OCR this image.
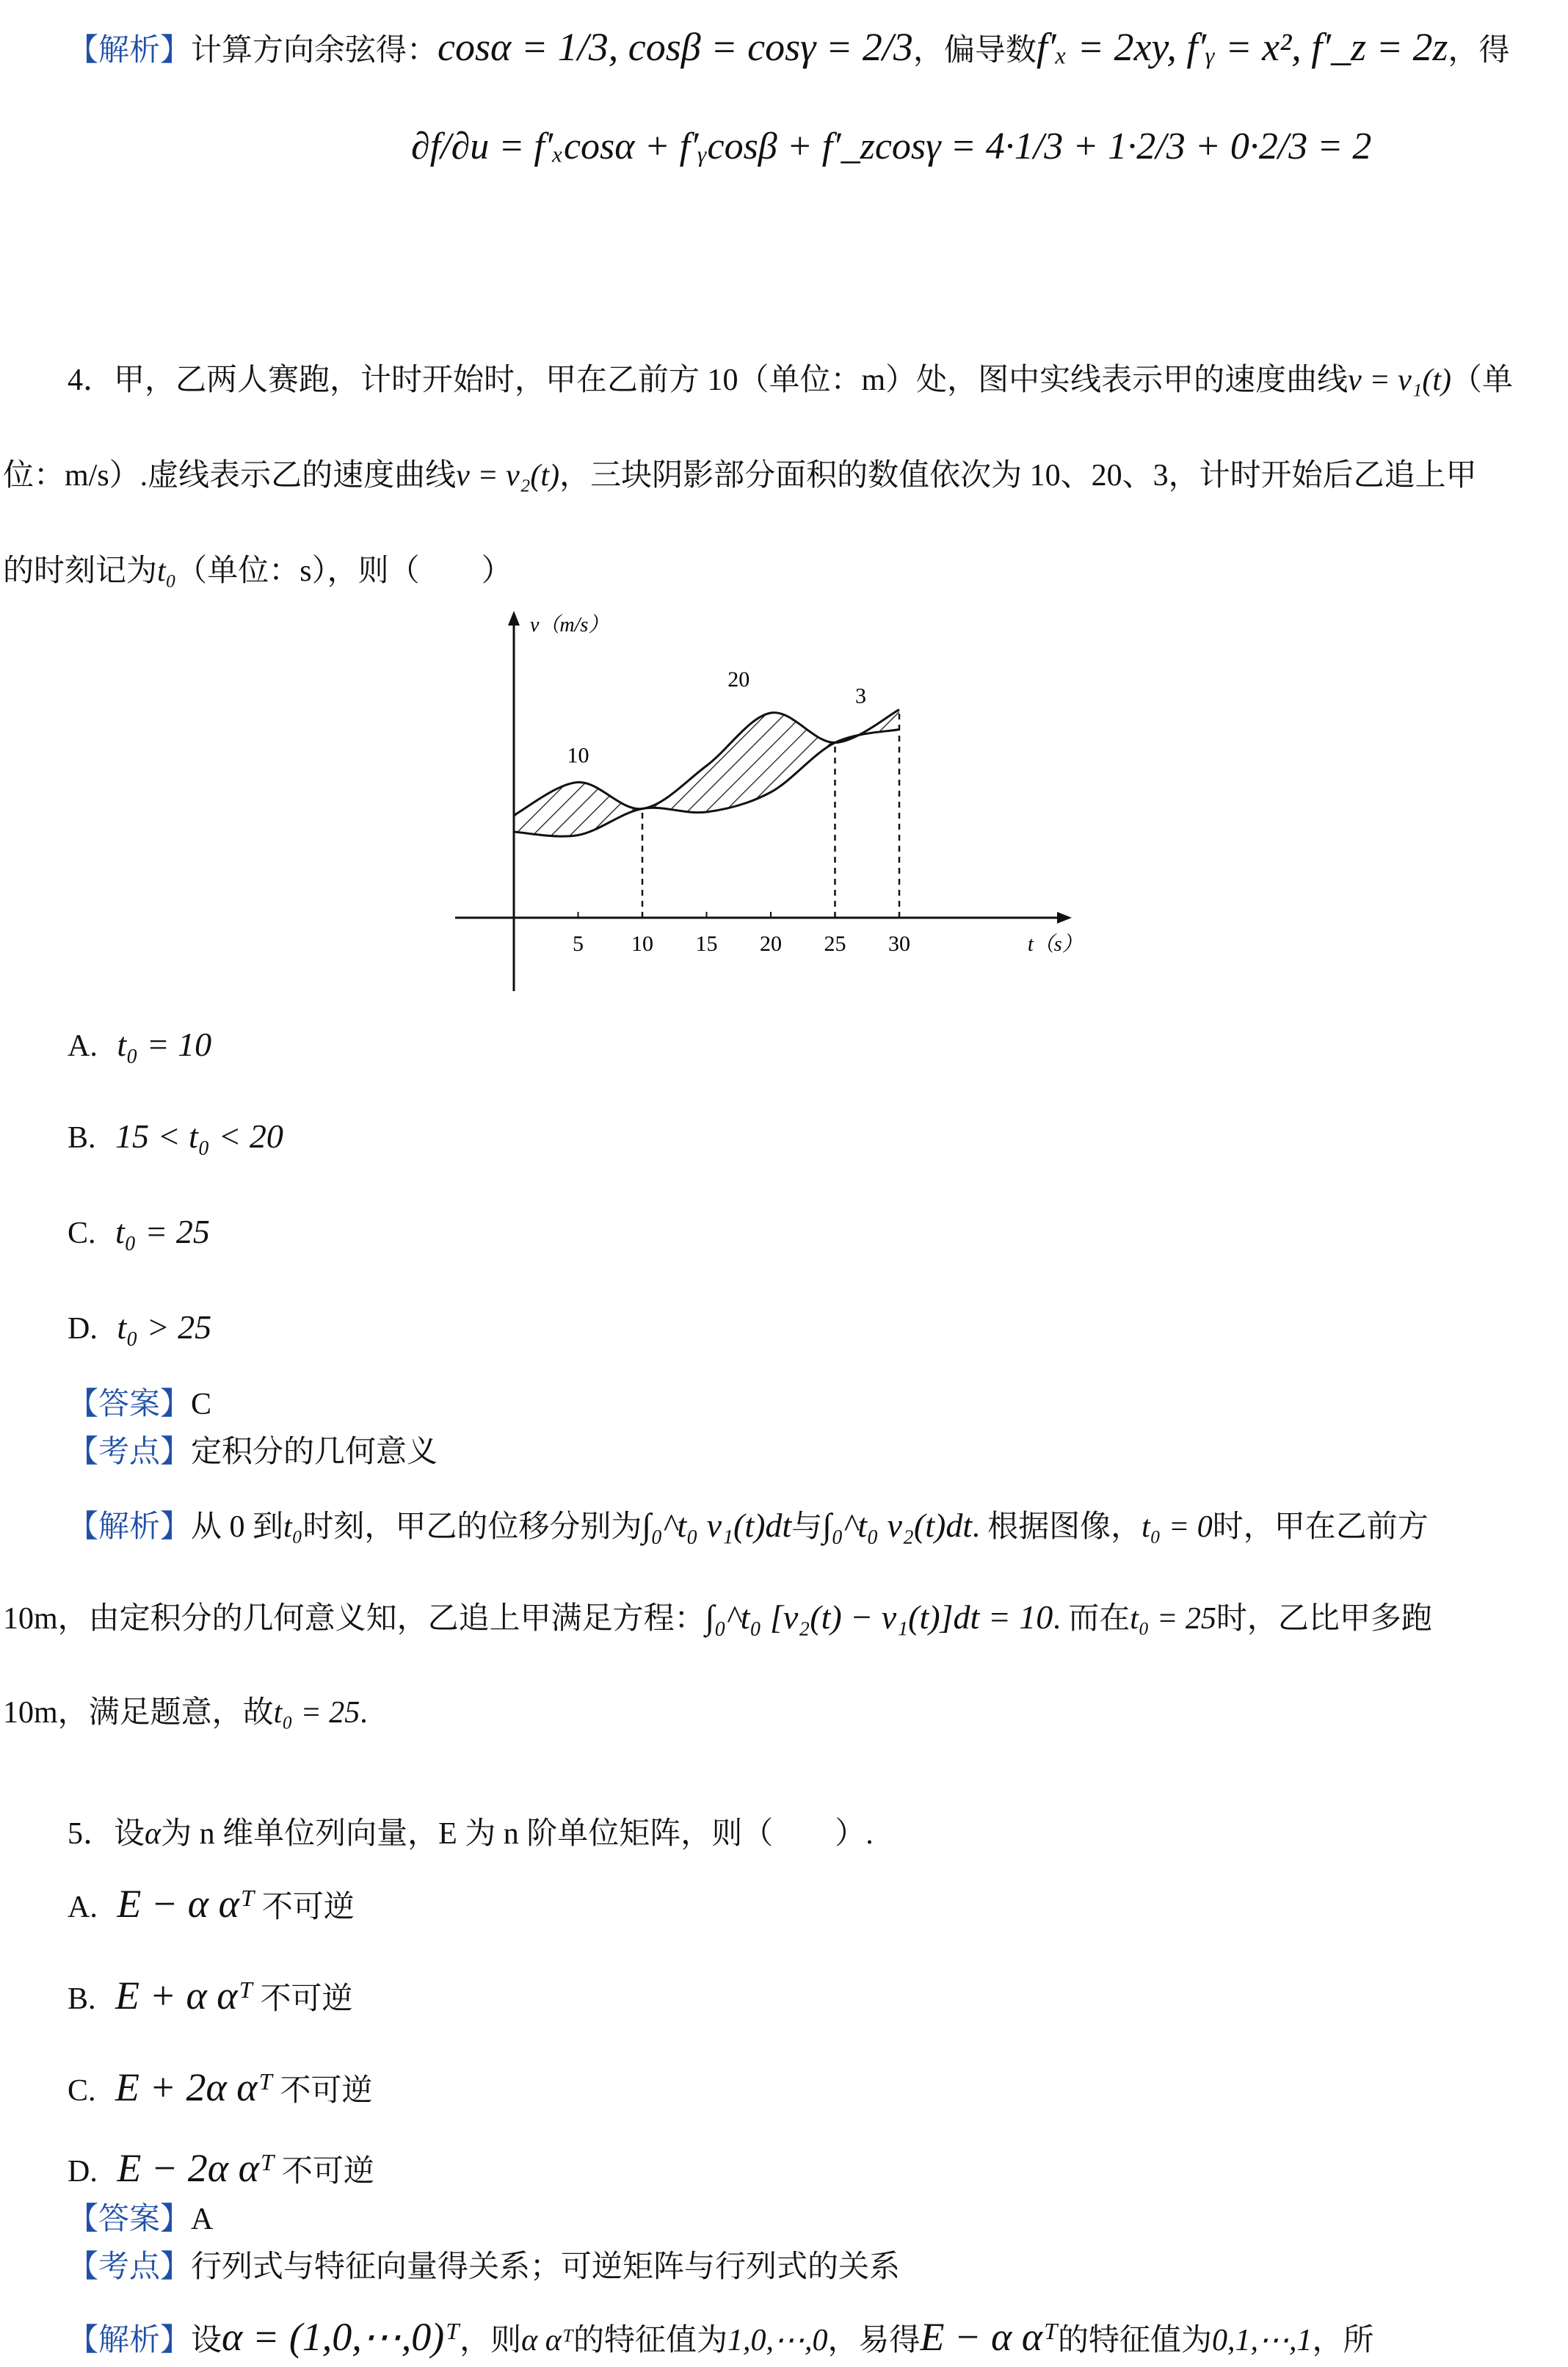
【解析】计算方向余弦得：cosα = 1/3, cosβ = cosγ = 2/3，偏导数f′ₓ = 2xy, f′ᵧ = x², f′_z = 2z，得
∂f/∂u = f′ₓcosα + f′ᵧcosβ + f′_zcosγ = 4·1/3 + 1·2/3 + 0·2/3 = 2
4．甲，乙两人赛跑，计时开始时，甲在乙前方 10（单位：m）处，图中实线表示甲的速度曲线v = v₁(t)（单
位：m/s）.虚线表示乙的速度曲线v = v₂(t)，三块阴影部分面积的数值依次为 10、20、3，计时开始后乙追上甲
的时刻记为t₀（单位：s），则（　　）
5 10 15 20 25 30	t（s）
v（m/s）
10
20
3
A. t₀ = 10
B. 15 < t₀ < 20
C. t₀ = 25
D. t₀ > 25
【答案】C
【考点】定积分的几何意义
【解析】从 0 到t₀时刻，甲乙的位移分别为∫₀^t₀ v₁(t)dt与∫₀^t₀ v₂(t)dt. 根据图像，t₀ = 0时，甲在乙前方
10m，由定积分的几何意义知，乙追上甲满足方程：∫₀^t₀ [v₂(t) − v₁(t)]dt = 10. 而在t₀ = 25时，乙比甲多跑
10m，满足题意，故t₀ = 25.
5．设α为 n 维单位列向量，E 为 n 阶单位矩阵，则（　　）.
A. E − α αᵀ 不可逆
B. E + α αᵀ 不可逆
C. E + 2α αᵀ 不可逆
D. E − 2α αᵀ 不可逆
【答案】A
【考点】行列式与特征向量得关系；可逆矩阵与行列式的关系
【解析】设α = (1,0,⋯,0)ᵀ，则α αᵀ的特征值为1,0,⋯,0，易得E − α αᵀ的特征值为0,1,⋯,1，所
